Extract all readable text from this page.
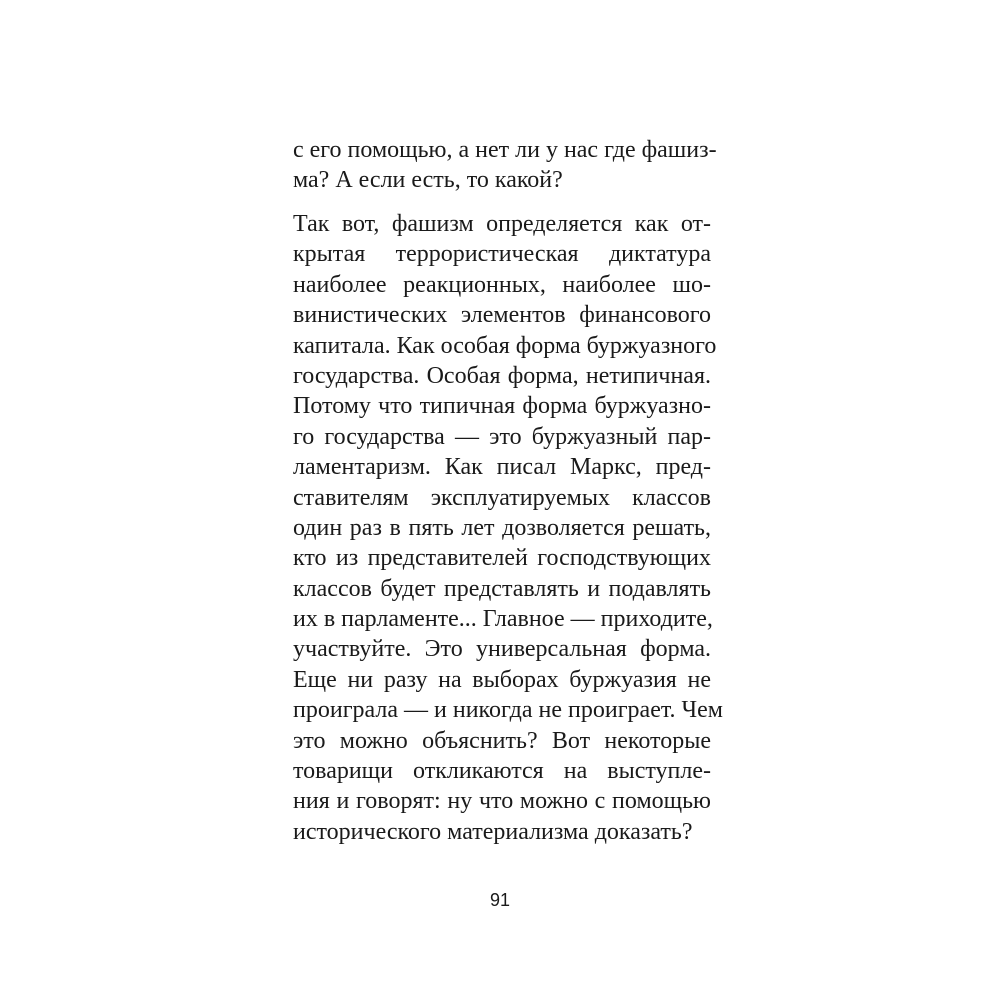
с его помощью, а нет ли у нас где фашиз-
ма? А если есть, то какой?
Так вот, фашизм определяется как от-
крытая террористическая диктатура
наиболее реакционных, наиболее шо-
винистических элементов финансового
капитала. Как особая форма буржуазного
государства. Особая форма, нетипичная.
Потому что типичная форма буржуазно-
го государства — это буржуазный пар-
ламентаризм. Как писал Маркс, пред-
ставителям эксплуатируемых классов
один раз в пять лет дозволяется решать,
кто из представителей господствующих
классов будет представлять и подавлять
их в парламенте... Главное — приходите,
участвуйте. Это универсальная форма.
Еще ни разу на выборах буржуазия не
проиграла — и никогда не проиграет. Чем
это можно объяснить? Вот некоторые
товарищи откликаются на выступле-
ния и говорят: ну что можно с помощью
исторического материализма доказать?
91
